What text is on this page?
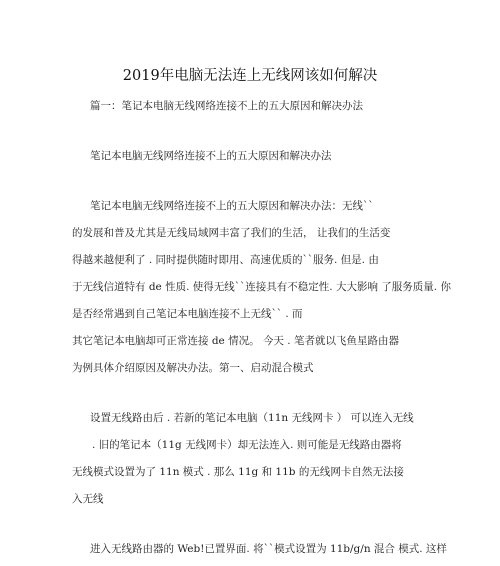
2019年电脑无法连上无线网该如何解决
篇一：笔记本电脑无线网络连接不上的五大原因和解决办法
笔记本电脑无线网络连接不上的五大原因和解决办法
笔记本电脑无线网络连接不上的五大原因和解决办法：无线``
的发展和普及尤其是无线局域网丰富了我们的生活， 让我们的生活变
得越来越便利了 . 同时提供随时即用、高速优质的``服务. 但是. 由
于无线信道特有 de 性质. 使得无线``连接具有不稳定性. 大大影响 了服务质量. 你
是否经常遇到自己笔记本电脑连接不上无线`` . 而
其它笔记本电脑却可正常连接 de 情况。 今天 . 笔者就以飞鱼星路由器
为例具体介绍原因及解决办法。第一、启动混合模式
设置无线路由后 . 若新的笔记本电脑（11n 无线网卡 ） 可以连入无线
. 旧的笔记本（11g 无线网卡）却无法连入. 则可能是无线路由器将
无线模式设置为了 11n 模式 . 那么 11g 和 11b 的无线网卡自然无法接
入无线
进入无线路由器的 Web!已置界面. 将``模式设置为 11b/g/n 混合 模式. 这样
